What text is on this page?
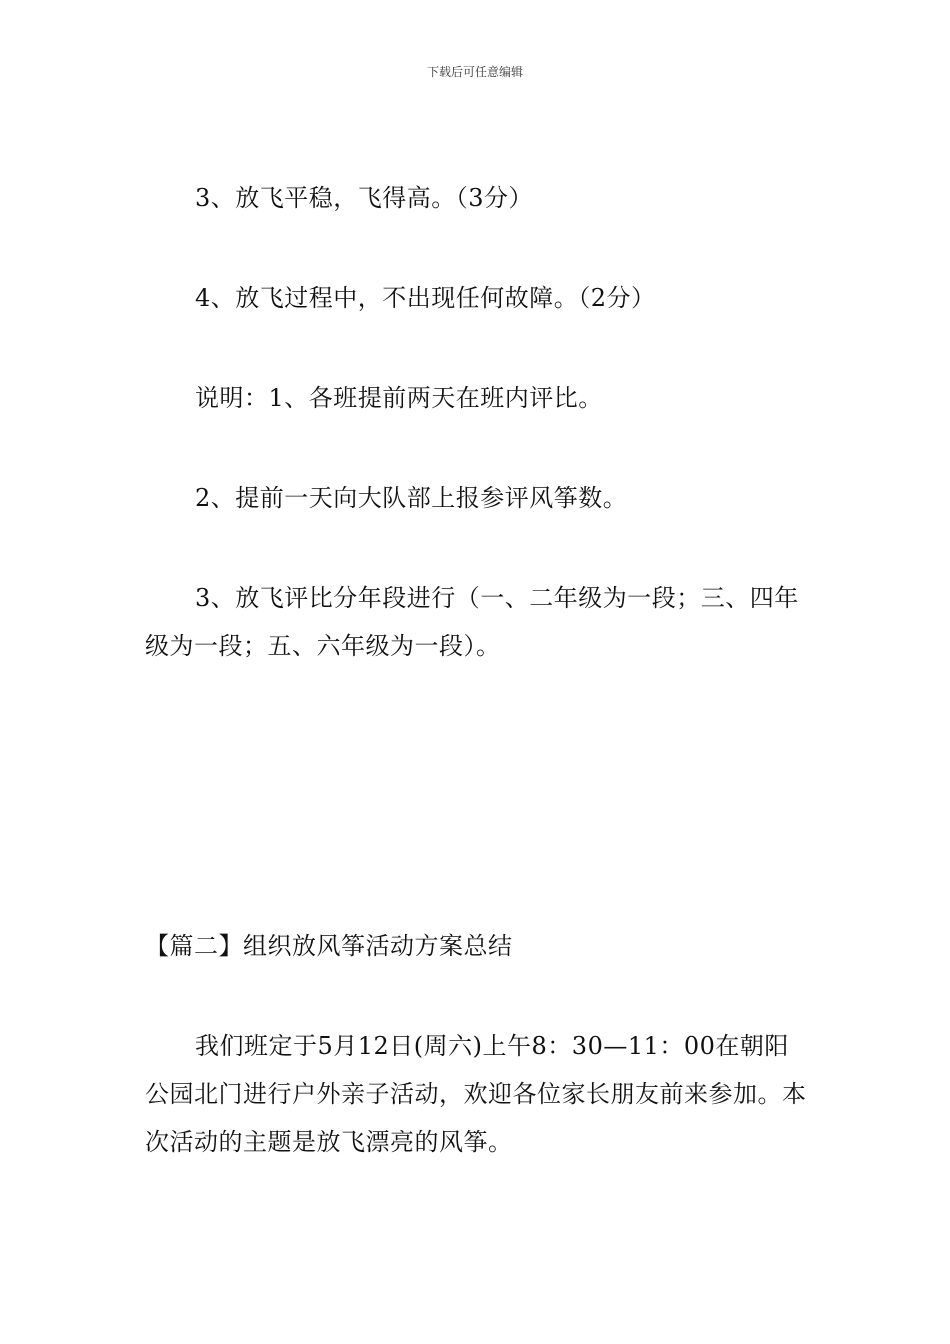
下载后可任意编辑

3、放飞平稳，飞得高。（3分）

4、放飞过程中，不出现任何故障。（2分）

说明：1、各班提前两天在班内评比。

2、提前一天向大队部上报参评风筝数。

3、放飞评比分年段进行（一、二年级为一段；三、四年级为一段；五、六年级为一段）。

【篇二】组织放风筝活动方案总结

我们班定于5月12日(周六)上午8：30—11：00在朝阳公园北门进行户外亲子活动，欢迎各位家长朋友前来参加。本次活动的主题是放飞漂亮的风筝。
